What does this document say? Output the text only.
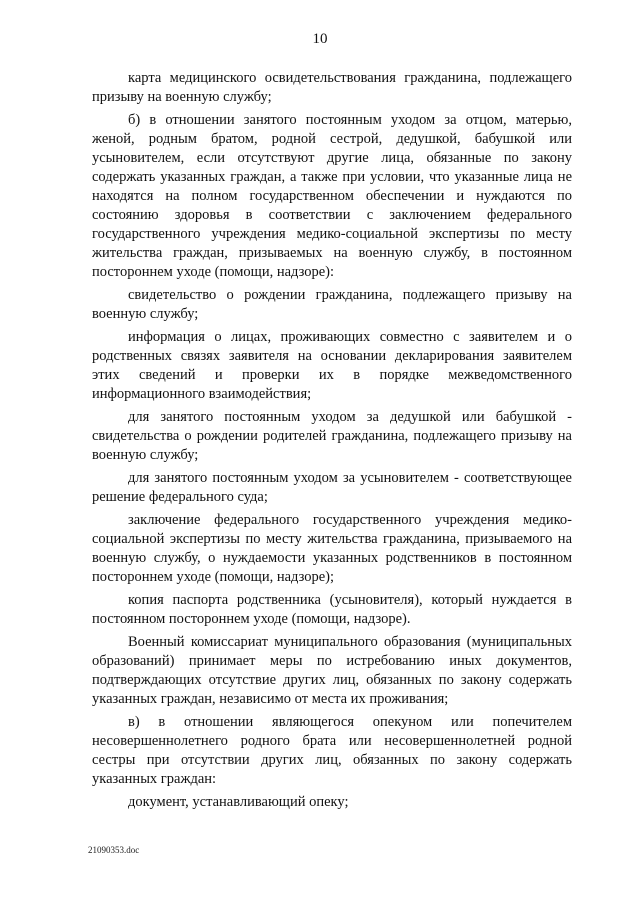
10

карта медицинского освидетельствования гражданина, подлежащего призыву на военную службу;

б) в отношении занятого постоянным уходом за отцом, матерью, женой, родным братом, родной сестрой, дедушкой, бабушкой или усыновителем, если отсутствуют другие лица, обязанные по закону содержать указанных граждан, а также при условии, что указанные лица не находятся на полном государственном обеспечении и нуждаются по состоянию здоровья в соответствии с заключением федерального государственного учреждения медико-социальной экспертизы по месту жительства граждан, призываемых на военную службу, в постоянном постороннем уходе (помощи, надзоре):

свидетельство о рождении гражданина, подлежащего призыву на военную службу;

информация о лицах, проживающих совместно с заявителем и о родственных связях заявителя на основании декларирования заявителем этих сведений и проверки их в порядке межведомственного информационного взаимодействия;

для занятого постоянным уходом за дедушкой или бабушкой - свидетельства о рождении родителей гражданина, подлежащего призыву на военную службу;

для занятого постоянным уходом за усыновителем - соответствующее решение федерального суда;

заключение федерального государственного учреждения медико-социальной экспертизы по месту жительства гражданина, призываемого на военную службу, о нуждаемости указанных родственников в постоянном постороннем уходе (помощи, надзоре);

копия паспорта родственника (усыновителя), который нуждается в постоянном постороннем уходе (помощи, надзоре).

Военный комиссариат муниципального образования (муниципальных образований) принимает меры по истребованию иных документов, подтверждающих отсутствие других лиц, обязанных по закону содержать указанных граждан, независимо от места их проживания;

в) в отношении являющегося опекуном или попечителем несовершеннолетнего родного брата или несовершеннолетней родной сестры при отсутствии других лиц, обязанных по закону содержать указанных граждан:

документ, устанавливающий опеку;

21090353.doc
